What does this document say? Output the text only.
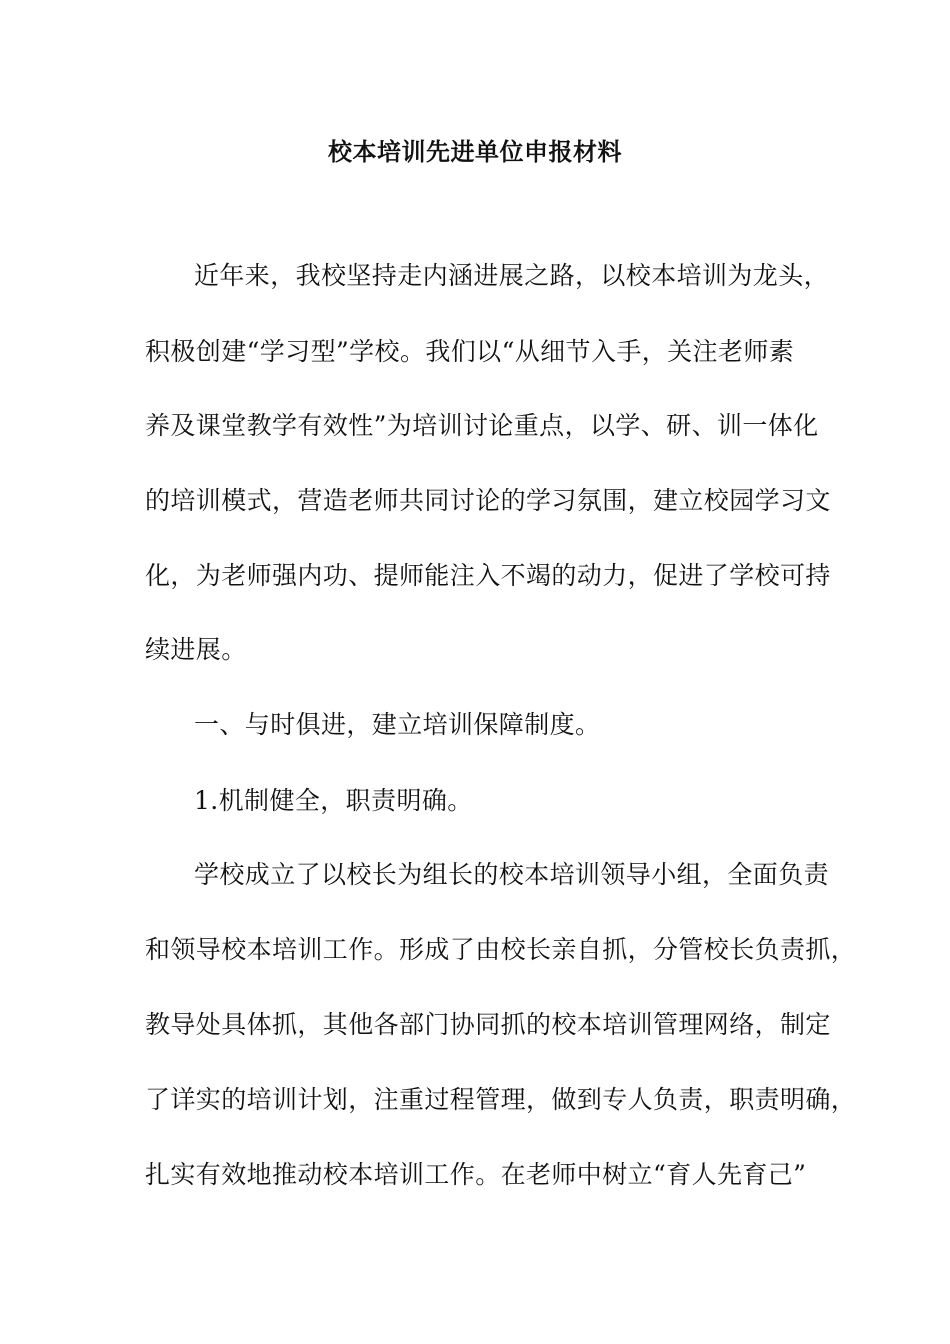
校本培训先进单位申报材料
近年来，我校坚持走内涵进展之路，以校本培训为龙头，
积极创建“学习型”学校。我们以“从细节入手，关注老师素
养及课堂教学有效性”为培训讨论重点，以学、研、训一体化
的培训模式，营造老师共同讨论的学习氛围，建立校园学习文
化，为老师强内功、提师能注入不竭的动力，促进了学校可持
续进展。
一、与时俱进，建立培训保障制度。
1.机制健全，职责明确。
学校成立了以校长为组长的校本培训领导小组，全面负责
和领导校本培训工作。形成了由校长亲自抓，分管校长负责抓，
教导处具体抓，其他各部门协同抓的校本培训管理网络，制定
了详实的培训计划，注重过程管理，做到专人负责，职责明确，
扎实有效地推动校本培训工作。在老师中树立“育人先育己”
